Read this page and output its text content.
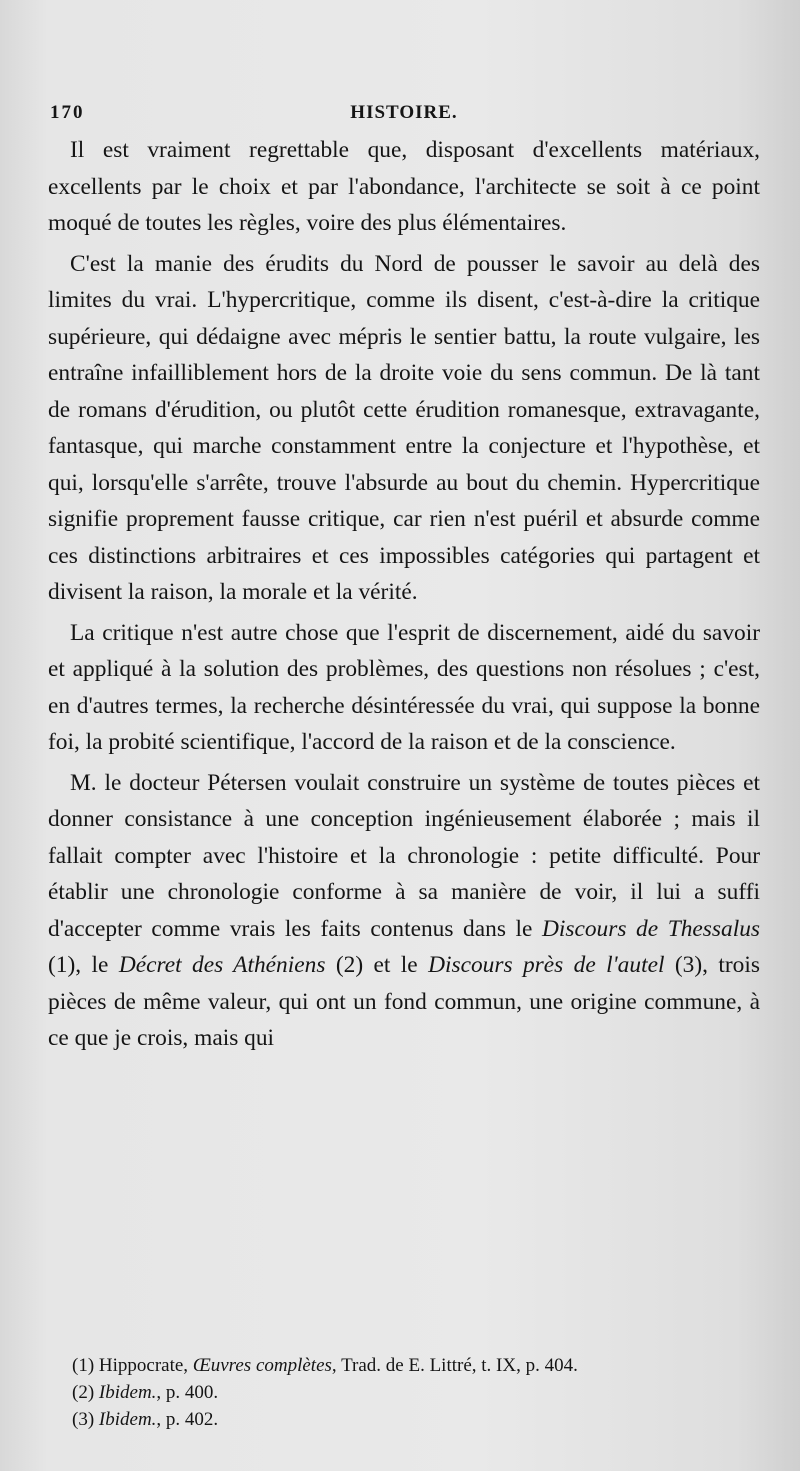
170	HISTOIRE.

Il est vraiment regrettable que, disposant d'excellents matériaux, excellents par le choix et par l'abondance, l'architecte se soit à ce point moqué de toutes les règles, voire des plus élémentaires.

C'est la manie des érudits du Nord de pousser le savoir au delà des limites du vrai. L'hypercritique, comme ils disent, c'est-à-dire la critique supérieure, qui dédaigne avec mépris le sentier battu, la route vulgaire, les entraîne infailliblement hors de la droite voie du sens commun. De là tant de romans d'érudition, ou plutôt cette érudition romanesque, extravagante, fantasque, qui marche constamment entre la conjecture et l'hypothèse, et qui, lorsqu'elle s'arrête, trouve l'absurde au bout du chemin. Hypercritique signifie proprement fausse critique, car rien n'est puéril et absurde comme ces distinctions arbitraires et ces impossibles catégories qui partagent et divisent la raison, la morale et la vérité.

La critique n'est autre chose que l'esprit de discernement, aidé du savoir et appliqué à la solution des problèmes, des questions non résolues ; c'est, en d'autres termes, la recherche désintéressée du vrai, qui suppose la bonne foi, la probité scientifique, l'accord de la raison et de la conscience.

M. le docteur Pétersen voulait construire un système de toutes pièces et donner consistance à une conception ingénieusement élaborée ; mais il fallait compter avec l'histoire et la chronologie : petite difficulté. Pour établir une chronologie conforme à sa manière de voir, il lui a suffi d'accepter comme vrais les faits contenus dans le Discours de Thessalus (1), le Décret des Athéniens (2) et le Discours près de l'autel (3), trois pièces de même valeur, qui ont un fond commun, une origine commune, à ce que je crois, mais qui

(1) Hippocrate, Œuvres complètes, Trad. de E. Littré, t. IX, p. 404.
(2) Ibidem., p. 400.
(3) Ibidem., p. 402.
